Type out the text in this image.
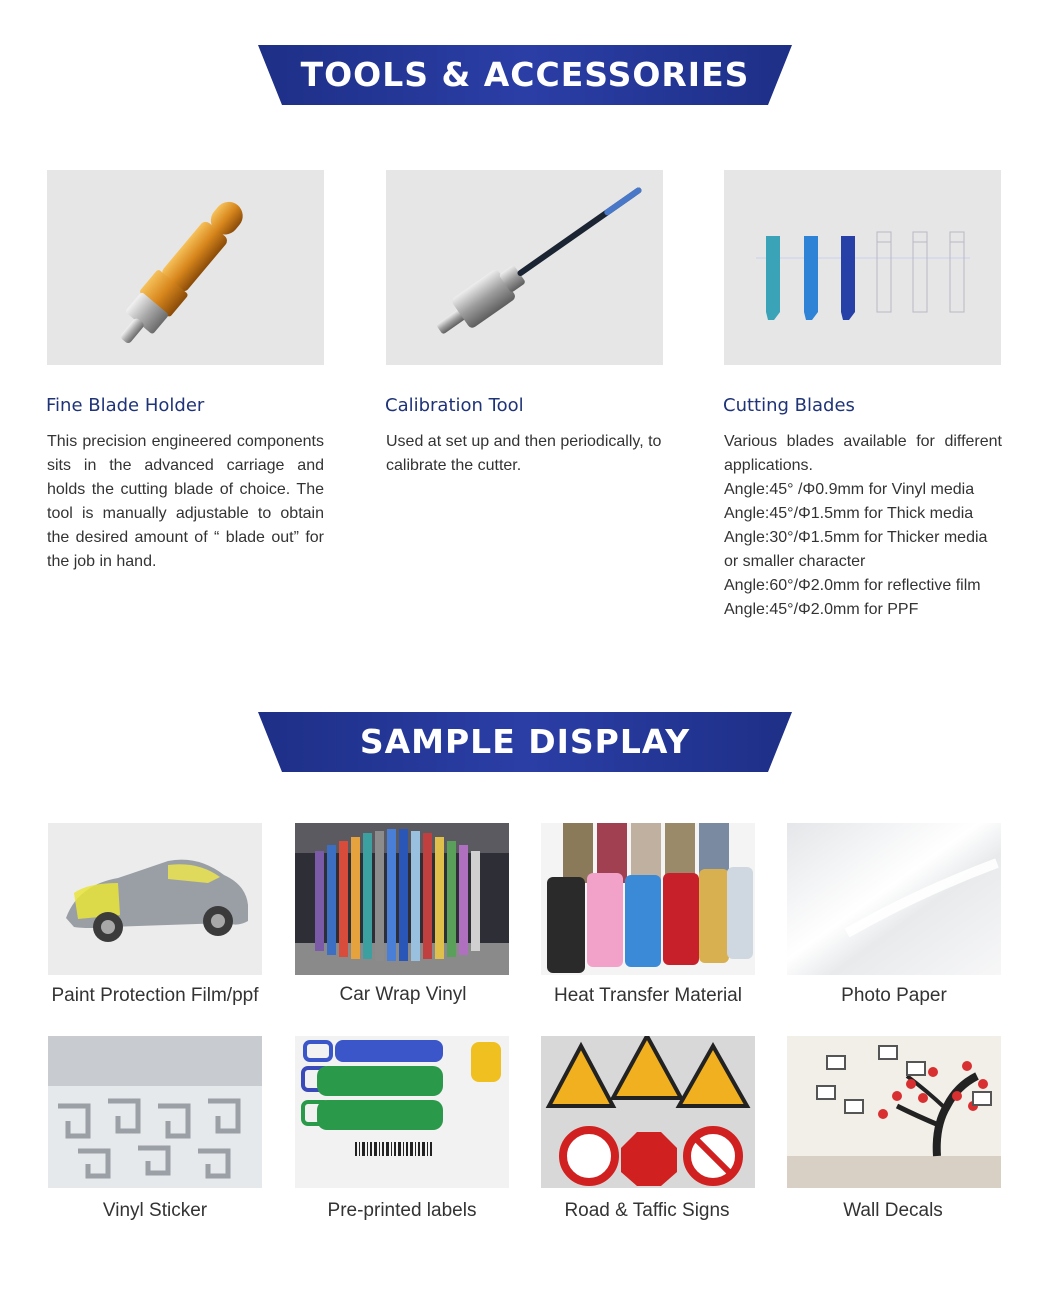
TOOLS & ACCESSORIES
Fine Blade Holder	Calibration Tool	Cutting Blades

This precision engineered components sits in the advanced carriage and holds the cutting blade of choice. The tool is manually adjustable to obtain the desired amount of “ blade out” for the job in hand.

Used at set up and then periodically, to calibrate the cutter.

Various blades available for different applications.
Angle:45° /Φ0.9mm for Vinyl media
Angle:45°/Φ1.5mm for Thick media
Angle:30°/Φ1.5mm for Thicker media or smaller character
Angle:60°/Φ2.0mm for reflective film
Angle:45°/Φ2.0mm for PPF
SAMPLE DISPLAY
Paint Protection Film/ppf	Car Wrap Vinyl	Heat Transfer Material	Photo Paper
Vinyl Sticker	Pre-printed labels	Road & Taffic Signs	Wall Decals
